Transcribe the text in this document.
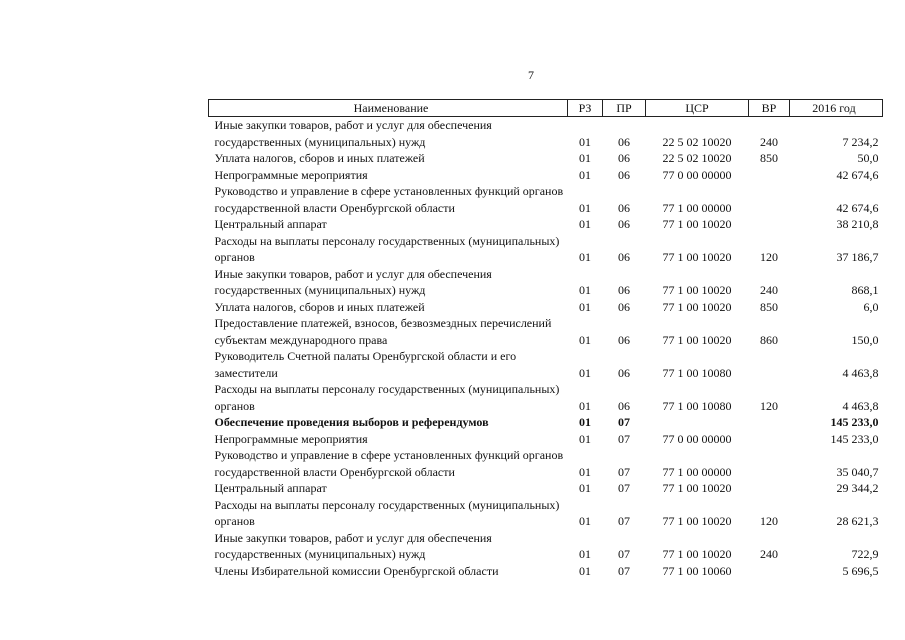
7
Наименование	РЗ	ПР	ЦСР	ВР	2016 год
Иные закупки товаров, работ и услуг для обеспечения государственных (муниципальных) нужд	01	06	22 5 02 10020	240	7 234,2
Уплата налогов, сборов и иных платежей	01	06	22 5 02 10020	850	50,0
Непрограммные мероприятия	01	06	77 0 00 00000		42 674,6
Руководство и управление в сфере установленных функций органов государственной власти Оренбургской области	01	06	77 1 00 00000		42 674,6
Центральный аппарат	01	06	77 1 00 10020		38 210,8
Расходы на выплаты персоналу государственных (муниципальных) органов	01	06	77 1 00 10020	120	37 186,7
Иные закупки товаров, работ и услуг для обеспечения государственных (муниципальных) нужд	01	06	77 1 00 10020	240	868,1
Уплата налогов, сборов и иных платежей	01	06	77 1 00 10020	850	6,0
Предоставление платежей, взносов, безвозмездных перечислений субъектам международного права	01	06	77 1 00 10020	860	150,0
Руководитель Счетной палаты Оренбургской области и его заместители	01	06	77 1 00 10080		4 463,8
Расходы на выплаты персоналу государственных (муниципальных) органов	01	06	77 1 00 10080	120	4 463,8
Обеспечение проведения выборов и референдумов	01	07			145 233,0
Непрограммные мероприятия	01	07	77 0 00 00000		145 233,0
Руководство и управление в сфере установленных функций органов государственной власти Оренбургской области	01	07	77 1 00 00000		35 040,7
Центральный аппарат	01	07	77 1 00 10020		29 344,2
Расходы на выплаты персоналу государственных (муниципальных) органов	01	07	77 1 00 10020	120	28 621,3
Иные закупки товаров, работ и услуг для обеспечения государственных (муниципальных) нужд	01	07	77 1 00 10020	240	722,9
Члены Избирательной комиссии Оренбургской области	01	07	77 1 00 10060		5 696,5
